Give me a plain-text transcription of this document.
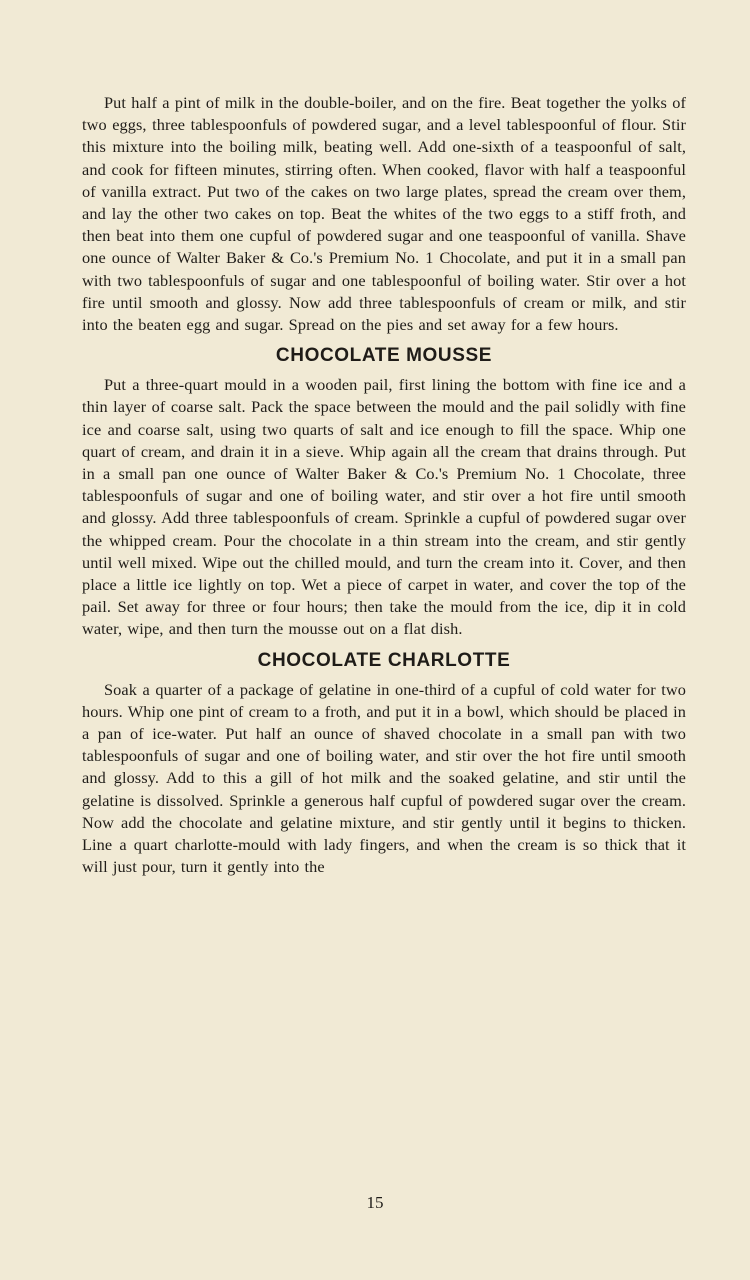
Put half a pint of milk in the double-boiler, and on the fire. Beat together the yolks of two eggs, three tablespoonfuls of powdered sugar, and a level tablespoonful of flour. Stir this mixture into the boiling milk, beating well. Add one-sixth of a teaspoonful of salt, and cook for fifteen minutes, stirring often. When cooked, flavor with half a teaspoonful of vanilla extract. Put two of the cakes on two large plates, spread the cream over them, and lay the other two cakes on top. Beat the whites of the two eggs to a stiff froth, and then beat into them one cupful of powdered sugar and one teaspoonful of vanilla. Shave one ounce of Walter Baker & Co.'s Premium No. 1 Chocolate, and put it in a small pan with two tablespoonfuls of sugar and one tablespoonful of boiling water. Stir over a hot fire until smooth and glossy. Now add three tablespoonfuls of cream or milk, and stir into the beaten egg and sugar. Spread on the pies and set away for a few hours.

CHOCOLATE MOUSSE

Put a three-quart mould in a wooden pail, first lining the bottom with fine ice and a thin layer of coarse salt. Pack the space between the mould and the pail solidly with fine ice and coarse salt, using two quarts of salt and ice enough to fill the space. Whip one quart of cream, and drain it in a sieve. Whip again all the cream that drains through. Put in a small pan one ounce of Walter Baker & Co.'s Premium No. 1 Chocolate, three tablespoonfuls of sugar and one of boiling water, and stir over a hot fire until smooth and glossy. Add three tablespoonfuls of cream. Sprinkle a cupful of powdered sugar over the whipped cream. Pour the chocolate in a thin stream into the cream, and stir gently until well mixed. Wipe out the chilled mould, and turn the cream into it. Cover, and then place a little ice lightly on top. Wet a piece of carpet in water, and cover the top of the pail. Set away for three or four hours; then take the mould from the ice, dip it in cold water, wipe, and then turn the mousse out on a flat dish.

CHOCOLATE CHARLOTTE

Soak a quarter of a package of gelatine in one-third of a cupful of cold water for two hours. Whip one pint of cream to a froth, and put it in a bowl, which should be placed in a pan of ice-water. Put half an ounce of shaved chocolate in a small pan with two tablespoonfuls of sugar and one of boiling water, and stir over the hot fire until smooth and glossy. Add to this a gill of hot milk and the soaked gelatine, and stir until the gelatine is dissolved. Sprinkle a generous half cupful of powdered sugar over the cream. Now add the chocolate and gelatine mixture, and stir gently until it begins to thicken. Line a quart charlotte-mould with lady fingers, and when the cream is so thick that it will just pour, turn it gently into the

15
